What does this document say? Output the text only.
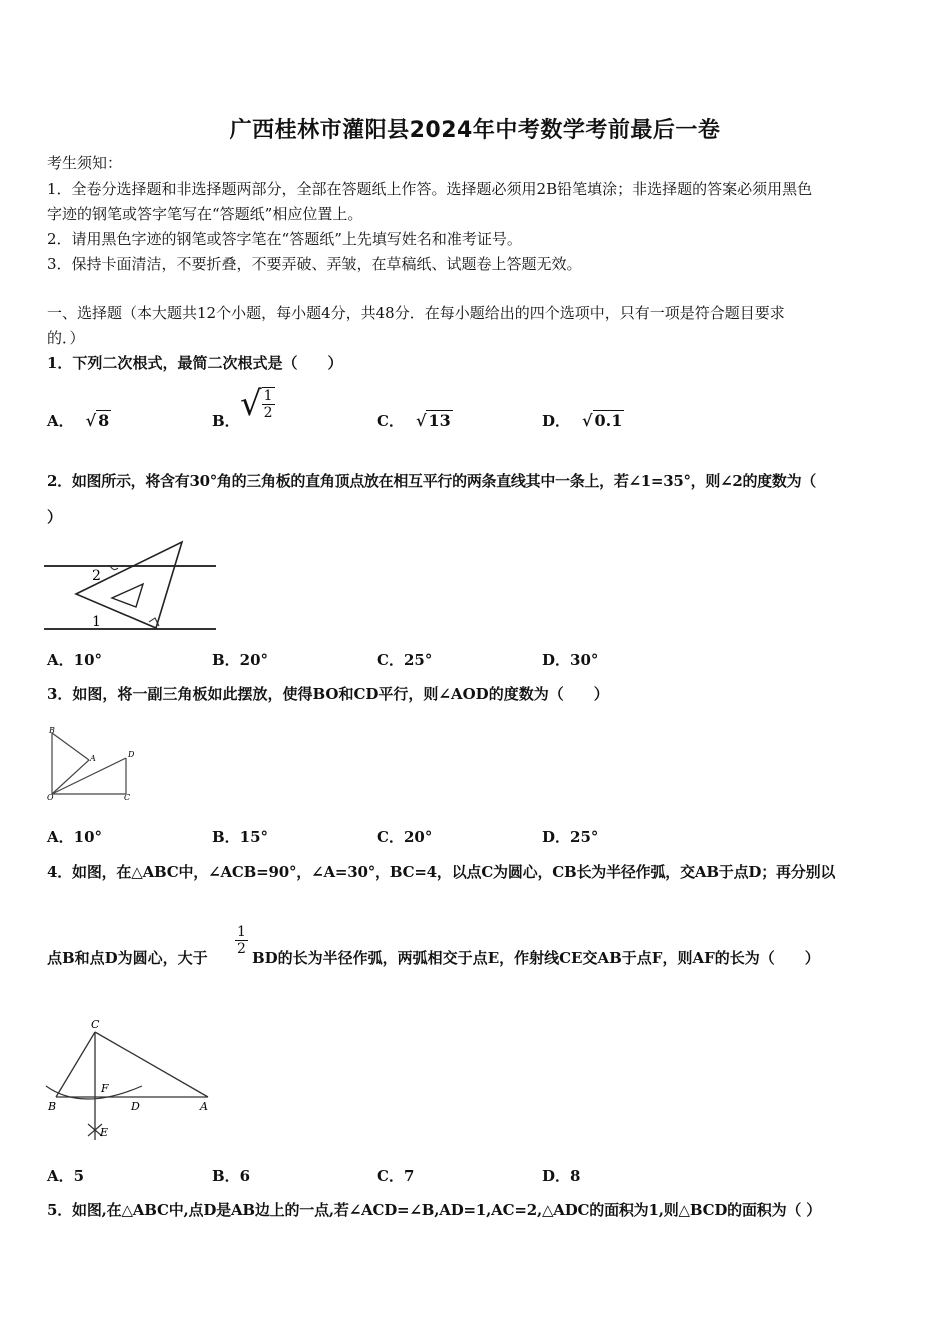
广西桂林市灌阳县2024年中考数学考前最后一卷
考生须知：
1．全卷分选择题和非选择题两部分，全部在答题纸上作答。选择题必须用2B铅笔填涂；非选择题的答案必须用黑色
字迹的钢笔或答字笔写在“答题纸”相应位置上。
2．请用黑色字迹的钢笔或答字笔在“答题纸”上先填写姓名和准考证号。
3．保持卡面清洁，不要折叠，不要弄破、弄皱，在草稿纸、试题卷上答题无效。
一、选择题（本大题共12个小题，每小题4分，共48分．在每小题给出的四个选项中，只有一项是符合题目要求
的．）
1．下列二次根式，最简二次根式是（　　）
A． √ 8	B． √ $\frac{1}{2}$	C． √ 13	D． √ 0.1
2．如图所示，将含有30°角的三角板的直角顶点放在相互平行的两条直线其中一条上，若∠1=35°，则∠2的度数为（
）
2
1
A．10°	B．20°	C．25°	D．30°
3．如图，将一副三角板如此摆放，使得BO和CD平行，则∠AOD的度数为（　　）
B
A	D
O	C
A．10°	B．15°	C．20°	D．25°
4．如图，在△ABC中，∠ACB=90°，∠A=30°，BC=4，以点C为圆心，CB长为半径作弧，交AB于点D；再分别以
点B和点D为圆心，大于
$\frac{1}{2}$
BD的长为半径作弧，两弧相交于点E，作射线CE交AB于点F，则AF的长为（　　）
C
F
B	D	A
E
A．5	B．6	C．7	D．8
5．如图,在△ABC中,点D是AB边上的一点,若∠ACD=∠B,AD=1,AC=2,△ADC的面积为1,则△BCD的面积为（ ）
